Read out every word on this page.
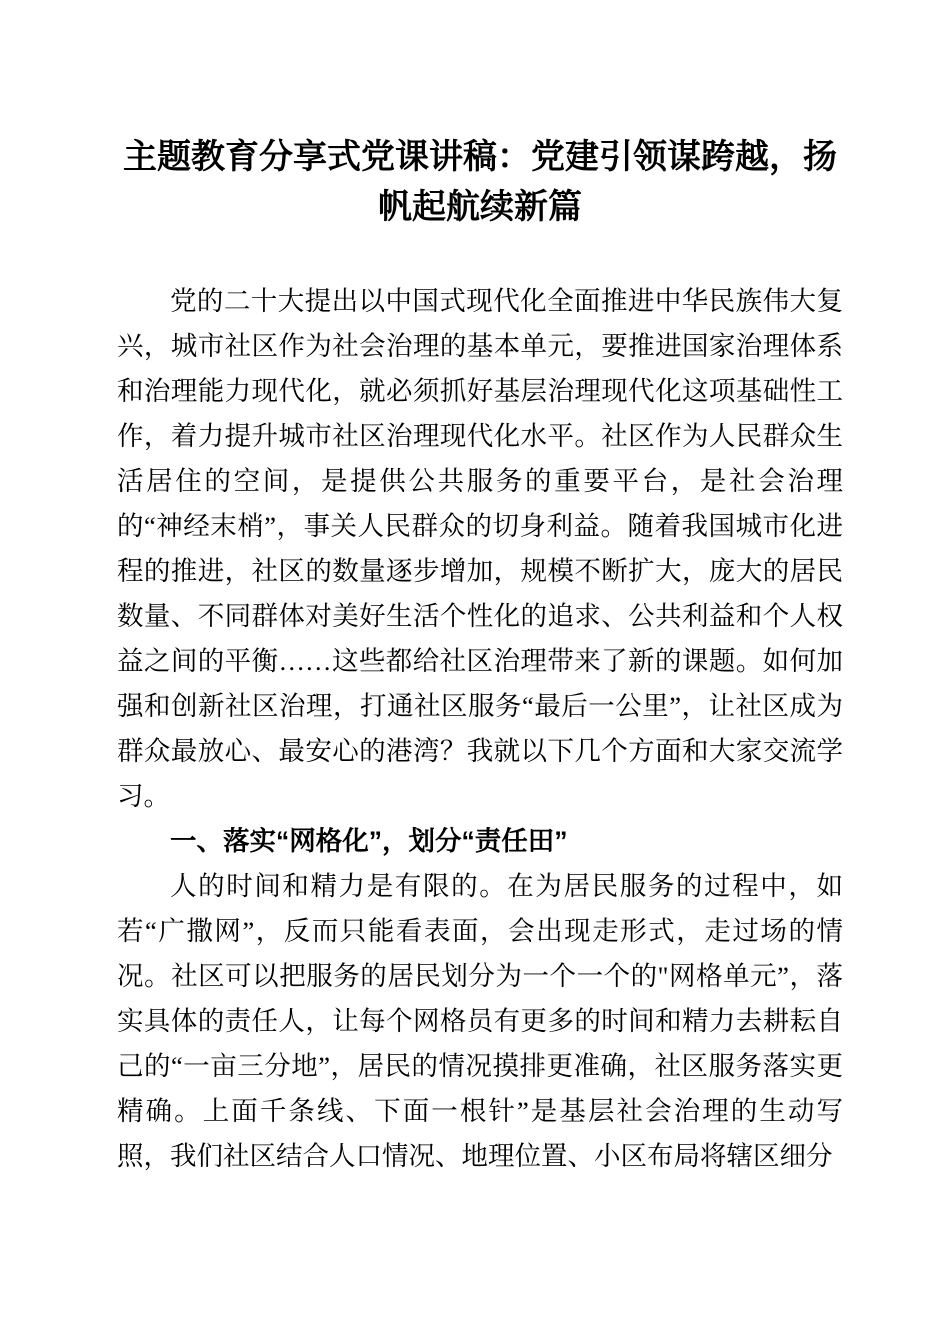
主题教育分享式党课讲稿：党建引领谋跨越，扬帆起航续新篇

党的二十大提出以中国式现代化全面推进中华民族伟大复兴，城市社区作为社会治理的基本单元，要推进国家治理体系和治理能力现代化，就必须抓好基层治理现代化这项基础性工作，着力提升城市社区治理现代化水平。社区作为人民群众生活居住的空间，是提供公共服务的重要平台，是社会治理的“神经末梢”，事关人民群众的切身利益。随着我国城市化进程的推进，社区的数量逐步增加，规模不断扩大，庞大的居民数量、不同群体对美好生活个性化的追求、公共利益和个人权益之间的平衡……这些都给社区治理带来了新的课题。如何加强和创新社区治理，打通社区服务“最后一公里”，让社区成为群众最放心、最安心的港湾？我就以下几个方面和大家交流学习。

一、落实“网格化”，划分“责任田”

人的时间和精力是有限的。在为居民服务的过程中，如若“广撒网”，反而只能看表面，会出现走形式，走过场的情况。社区可以把服务的居民划分为一个一个的"网格单元”，落实具体的责任人，让每个网格员有更多的时间和精力去耕耘自己的“一亩三分地”，居民的情况摸排更准确，社区服务落实更精确。上面千条线、下面一根针”是基层社会治理的生动写照，我们社区结合人口情况、地理位置、小区布局将辖区细分
